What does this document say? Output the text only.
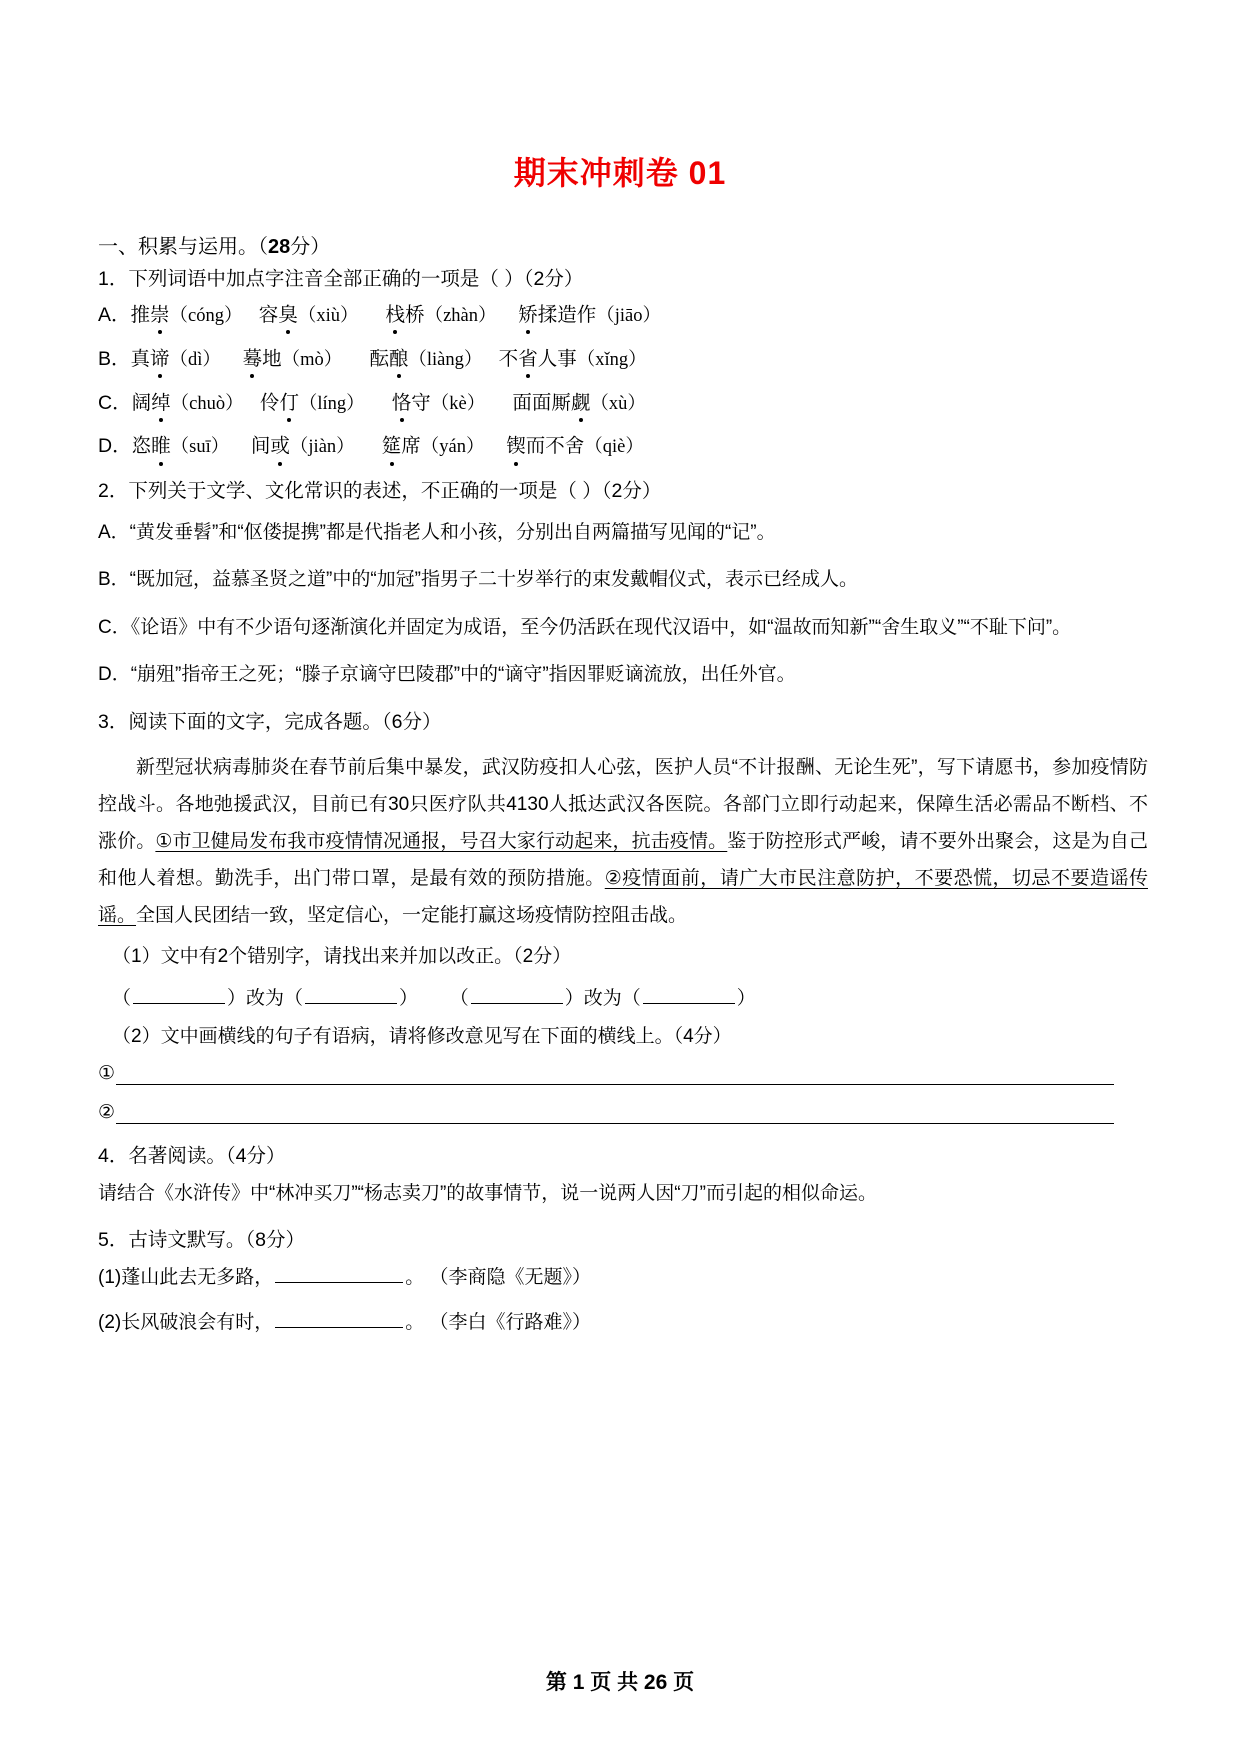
期末冲刺卷 01
一、积累与运用。（28分）
1．下列词语中加点字注音全部正确的一项是（ ）（2分）
A．推崇（cóng） 容臭（xiù） 栈桥（zhàn） 矫揉造作（jiāo）
B．真谛（dì） 蓦地（mò） 酝酿（liàng） 不省人事（xǐng）
C．阔绰（chuò） 伶仃（líng） 恪守（kè） 面面厮觑（xù）
D．恣睢（suī） 间或（jiàn） 筵席（yán） 锲而不舍（qiè）
2．下列关于文学、文化常识的表述，不正确的一项是（ ）（2分）
A．“黄发垂髫”和“伛偻提携”都是代指老人和小孩，分别出自两篇描写见闻的“记”。
B．“既加冠，益慕圣贤之道”中的“加冠”指男子二十岁举行的束发戴帽仪式，表示已经成人。
C．《论语》中有不少语句逐渐演化并固定为成语，至今仍活跃在现代汉语中，如“温故而知新”“舍生取义”“不耻下问”。
D．“崩殂”指帝王之死；“滕子京谪守巴陵郡”中的“谪守”指因罪贬谪流放，出任外官。
3．阅读下面的文字，完成各题。（6分）
新型冠状病毒肺炎在春节前后集中暴发，武汉防疫扣人心弦，医护人员“不计报酬、无论生死”，写下请愿书，参加疫情防控战斗。各地弛援武汉，目前已有30只医疗队共4130人抵达武汉各医院。各部门立即行动起来，保障生活必需品不断档、不涨价。①市卫健局发布我市疫情情况通报，号召大家行动起来，抗击疫情。鉴于防控形式严峻，请不要外出聚会，这是为自己和他人着想。勤洗手，出门带口罩，是最有效的预防措施。②疫情面前，请广大市民注意防护，不要恐慌，切忌不要造谣传谣。全国人民团结一致，坚定信心，一定能打赢这场疫情防控阻击战。
（1）文中有2个错别字，请找出来并加以改正。（2分）
（	）改为（	） （	）改为（	）
（2）文中画横线的句子有语病，请将修改意见写在下面的横线上。（4分）
①
②
4．名著阅读。（4分）
请结合《水浒传》中“林冲买刀”“杨志卖刀”的故事情节，说一说两人因“刀”而引起的相似命运。
5．古诗文默写。（8分）
(1)蓬山此去无多路，	。 （李商隐《无题》）
(2)长风破浪会有时，	。 （李白《行路难》）
第 1 页 共 26 页
